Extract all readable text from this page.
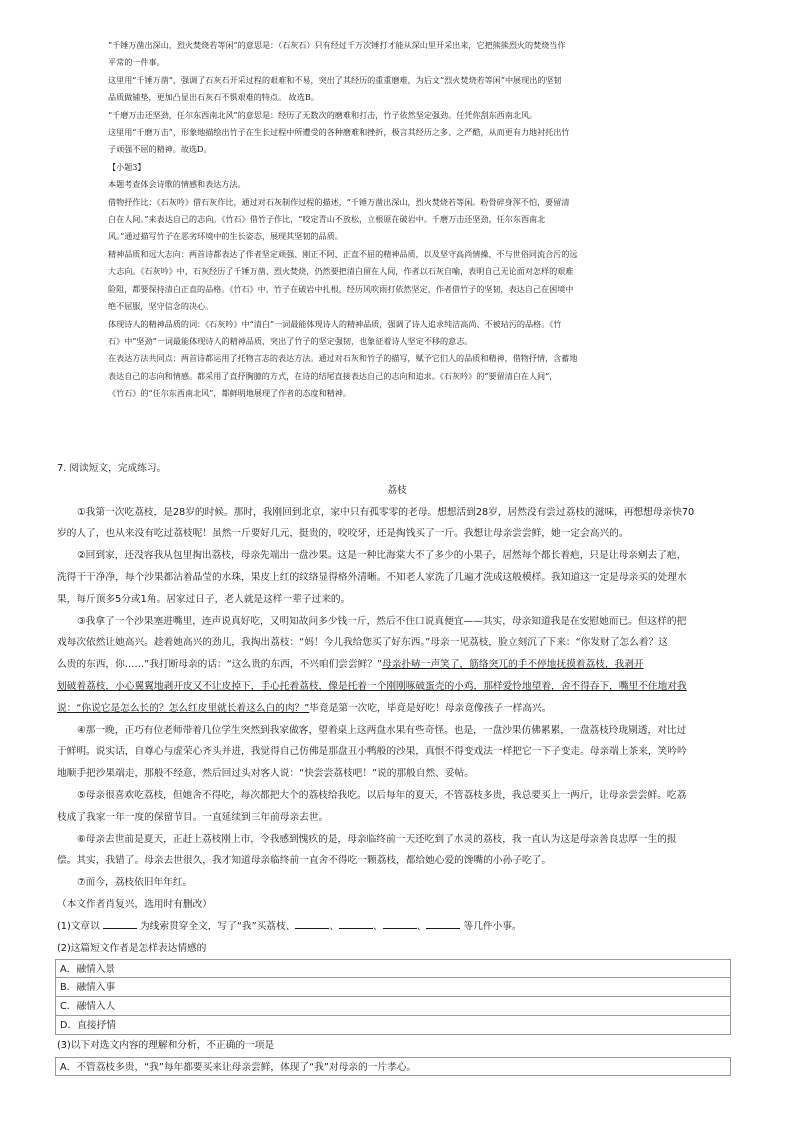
“千锤万凿出深山，烈火焚烧若等闲”的意思是：（石灰石）只有经过千万次锤打才能从深山里开采出来，它把熊熊烈火的焚烧当作

平常的一件事。

这里用“千锤万凿”，强调了石灰石开采过程的艰难和不易，突出了其经历的重重磨难，为后文“烈火焚烧若等闲”中展现出的坚韧

品质做铺垫，更加凸显出石灰石不惧艰难的特点。 故选B。

“千磨万击还坚劲，任尔东西南北风”的意思是：经历了无数次的磨难和打击，竹子依然坚定强劲。任凭你刮东西南北风。

这里用“千磨万击”，形象地描绘出竹子在生长过程中所遭受的各种磨难和挫折，极言其经历之多、之严酷，从而更有力地衬托出竹

子顽强不屈的精神。故选D。

【小题3】

本题考查体会诗歌的情感和表达方法。

借物抒作比：《石灰吟》借石灰作比，通过对石灰制作过程的描述，“千锤万凿出深山，烈火焚烧若等闲。粉骨碎身浑不怕，要留清

白在人间。”来表达自己的志向。《竹石》借竹子作比，“咬定青山不放松，立根原在破岩中。千磨万击还坚劲，任尔东西南北

风。”通过描写竹子在恶劣环境中的生长姿态，展现其坚韧的品质。

精神品质和远大志向：两首诗都表达了作者坚定顽强、刚正不阿、正直不屈的精神品质，以及坚守高尚情操、不与世俗同流合污的远

大志向。《石灰吟》中，石灰经历了千锤万凿、烈火焚烧，仍然要把清白留在人间，作者以石灰自喻，表明自己无论面对怎样的艰难

险阻，都要保持清白正直的品格。《竹石》中，竹子在破岩中扎根，经历风吹雨打依然坚定，作者借竹子的坚韧，表达自己在困境中

绝不屈服，坚守信念的决心。

体现诗人的精神品质的词：《石灰吟》中“清白”一词最能体现诗人的精神品质，强调了诗人追求纯洁高尚、不被玷污的品格。《竹

石》中“坚劲”一词最能体现诗人的精神品质，突出了竹子的坚定强韧，也象征着诗人坚定不移的意志。

在表达方法共同点：两首诗都运用了托物言志的表达方法。通过对石灰和竹子的描写，赋予它们人的品质和精神，借物抒情，含蓄地

表达自己的志向和情感。都采用了直抒胸臆的方式，在诗的结尾直接表达自己的志向和追求。《石灰吟》的“要留清白在人间”，

《竹石》的“任尔东西南北风”，都鲜明地展现了作者的态度和精神。

7. 阅读短文，完成练习。

荔枝

①我第一次吃荔枝，是28岁的时候。那时，我刚回到北京，家中只有孤零零的老母。想想活到28岁，居然没有尝过荔枝的滋味，再想想母亲快70

岁的人了，也从来没有吃过荔枝呢！虽然一斤要好几元，挺贵的，咬咬牙，还是掏钱买了一斤。我想让母亲尝尝鲜，她一定会高兴的。

②回到家，还没容我从包里掏出荔枝，母亲先端出一盘沙果。这是一种比海棠大不了多少的小果子，居然每个都长着疤，只是让母亲剜去了疤，

洗得干干净净，每个沙果都沾着晶莹的水珠，果皮上红的纹络显得格外清晰。不知老人家洗了几遍才洗成这般模样。我知道这一定是母亲买的处理水

果，每斤顶多5分或1角。居家过日子，老人就是这样一辈子过来的。

③我拿了一个沙果塞进嘴里，连声说真好吃，又明知故问多少钱一斤，然后不住口说真便宜——其实，母亲知道我是在安慰她而已。但这样的把

戏每次依然让她高兴。趁着她高兴的劲儿，我掏出荔枝：“妈！今儿我给您买了好东西。”母亲一见荔枝，脸立刻沉了下来：“你发财了怎么着？这

么贵的东西，你……”我打断母亲的话：“这么贵的东西，不兴咱们尝尝鲜？”母亲扑哧一声笑了，筋络突兀的手不停地抚摸着荔枝，我剥开

划破着荔枝，小心翼翼地剥开皮又不让皮掉下，手心托着荔枝，像是托着一个刚刚啄破蛋壳的小鸡，那样爱怜地望着，舍不得吞下，嘴里不住地对我

说：“你说它是怎么长的？怎么红皮里就长着这么白的肉？”毕竟是第一次吃，毕竟是好吃！母亲竟像孩子一样高兴。

④那一晚，正巧有位老师带着几位学生突然到我家做客，望着桌上这两盘水果有些奇怪。也是，一盘沙果仿佛累累，一盘荔枝玲珑剔透，对比过

于鲜明。说实话，自尊心与虚荣心齐头并进，我觉得自己仿佛是那盘丑小鸭般的沙果，真恨不得变戏法一样把它一下子变走。母亲端上茶来，笑吟吟

地顺手把沙果端走，那般不经意，然后回过头对客人说：“快尝尝荔枝吧！”说的那般自然、妥帖。

⑤母亲很喜欢吃荔枝，但她舍不得吃，每次都把大个的荔枝给我吃。以后每年的夏天，不管荔枝多贵，我总要买上一两斤，让母亲尝尝鲜。吃荔

枝成了我家一年一度的保留节目。一直延续到三年前母亲去世。

⑥母亲去世前是夏天，正赶上荔枝刚上市，令我感到愧疚的是，母亲临终前一天还吃到了水灵的荔枝，我一直认为这是母亲善良忠厚一生的报

偿。其实，我错了。母亲去世很久，我才知道母亲临终前一直舍不得吃一颗荔枝，都给她心爱的馋嘴的小孙子吃了。

⑦而今，荔枝依旧年年红。

（本文作者肖复兴，选用时有删改）

(1)文章以	为线索贯穿全文，写了“我”买荔枝、	、	、	、	等几件小事。

(2)这篇短文作者是怎样表达情感的

A．融情入景
B．融情入事
C．融情入人
D．直接抒情

(3)以下对选文内容的理解和分析，不正确的一项是

A．不管荔枝多贵，“我”每年都要买来让母亲尝鲜，体现了“我”对母亲的一片孝心。
